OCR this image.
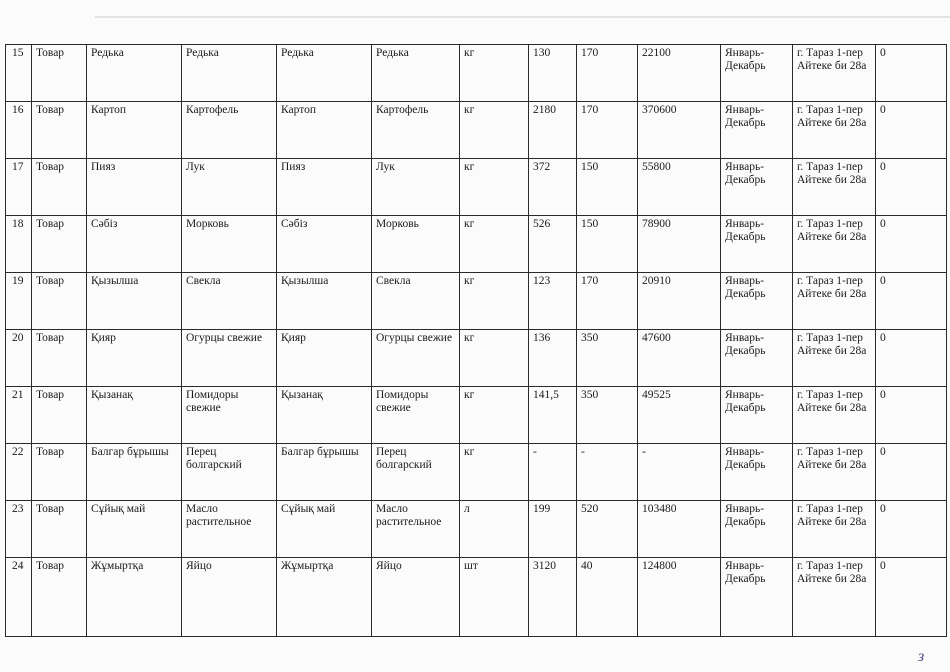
15	Товар	Редька	Редька	Редька	Редька	кг	130	170	22100	Январь-Декабрь	г. Тараз 1-пер Айтеке би 28а	0
16	Товар	Картоп	Картофель	Картоп	Картофель	кг	2180	170	370600	Январь-Декабрь	г. Тараз 1-пер Айтеке би 28а	0
17	Товар	Пияз	Лук	Пияз	Лук	кг	372	150	55800	Январь-Декабрь	г. Тараз 1-пер Айтеке би 28а	0
18	Товар	Сәбіз	Морковь	Сәбіз	Морковь	кг	526	150	78900	Январь-Декабрь	г. Тараз 1-пер Айтеке би 28а	0
19	Товар	Қызылша	Свекла	Қызылша	Свекла	кг	123	170	20910	Январь-Декабрь	г. Тараз 1-пер Айтеке би 28а	0
20	Товар	Қияр	Огурцы свежие	Қияр	Огурцы свежие	кг	136	350	47600	Январь-Декабрь	г. Тараз 1-пер Айтеке би 28а	0
21	Товар	Қызанақ	Помидоры свежие	Қызанақ	Помидоры свежие	кг	141,5	350	49525	Январь-Декабрь	г. Тараз 1-пер Айтеке би 28а	0
22	Товар	Балгар бұрышы	Перец болгарский	Балгар бұрышы	Перец болгарский	кг	-	-	-	Январь-Декабрь	г. Тараз 1-пер Айтеке би 28а	0
23	Товар	Сұйық май	Масло растительное	Сұйық май	Масло растительное	л	199	520	103480	Январь-Декабрь	г. Тараз 1-пер Айтеке би 28а	0
24	Товар	Жұмыртқа	Яйцо	Жұмыртқа	Яйцо	шт	3120	40	124800	Январь-Декабрь	г. Тараз 1-пер Айтеке би 28а	0
з
